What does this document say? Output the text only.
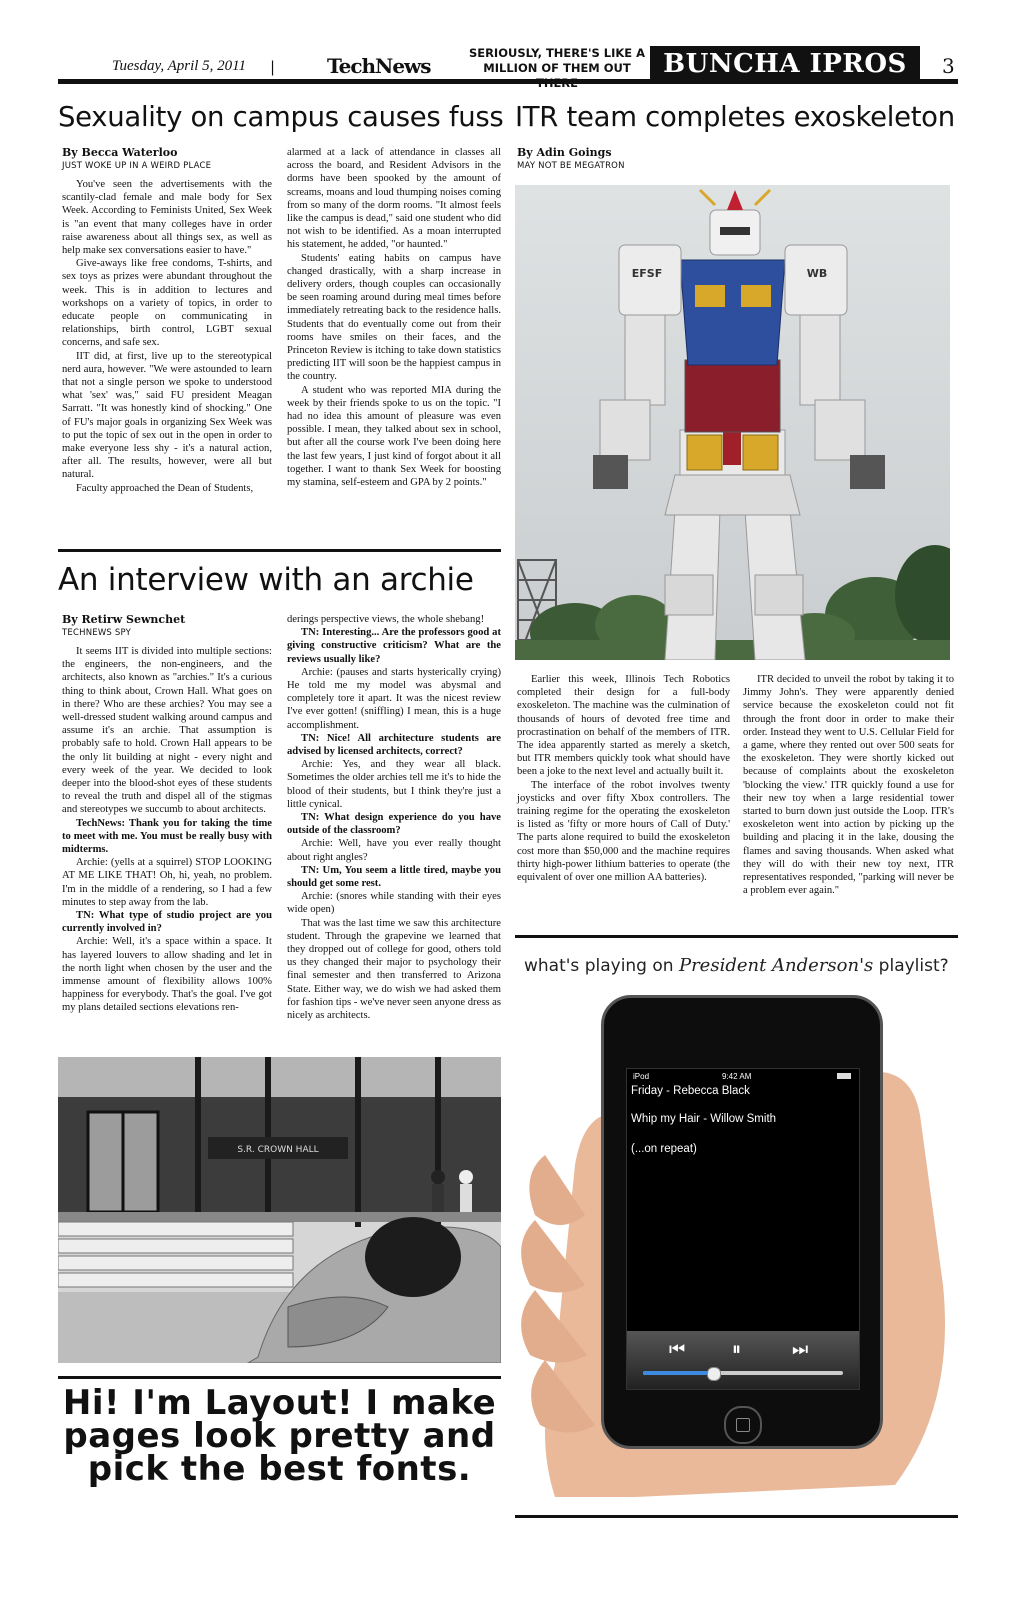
Tuesday, April 5, 2011 |	TechNews
SERIOUSLY, THERE'S LIKE A MILLION OF THEM OUT	BUNCHA IPROS	3
Sexuality on campus causes fuss
By Becca Waterloo
JUST WOKE UP IN A WEIRD PLACE

You've seen the advertisements with the scantily-clad female and male body for Sex Week. According to Feminists United, Sex Week is "an event that many colleges have in order raise awareness about all things sex, as well as help make sex conversations easier to have."

Give-aways like free condoms, T-shirts, and sex toys as prizes were abundant throughout the week. This is in addition to lectures and workshops on a variety of topics, in order to educate people on communicating in relationships, birth control, LGBT sexual concerns, and safe sex.

IIT did, at first, live up to the stereotypical nerd aura, however. "We were astounded to learn that not a single person we spoke to understood what 'sex' was," said FU president Meagan Sarratt. "It was honestly kind of shocking." One of FU's major goals in organizing Sex Week was to put the topic of sex out in the open in order to make everyone less shy - it's a natural action, after all. The results, however, were all but natural.

Faculty approached the Dean of Students,

alarmed at a lack of attendance in classes all across the board, and Resident Advisors in the dorms have been spooked by the amount of screams, moans and loud thumping noises coming from so many of the dorm rooms. "It almost feels like the campus is dead," said one student who did not wish to be identified. As a moan interrupted his statement, he added, "or haunted."

Students' eating habits on campus have changed drastically, with a sharp increase in delivery orders, though couples can occasionally be seen roaming around during meal times before immediately retreating back to the residence halls. Students that do eventually come out from their rooms have smiles on their faces, and the Princeton Review is itching to take down statistics predicting IIT will soon be the happiest campus in the country.

A student who was reported MIA during the week by their friends spoke to us on the topic. "I had no idea this amount of pleasure was even possible. I mean, they talked about sex in school, but after all the course work I've been doing here the last few years, I just kind of forgot about it all together. I want to thank Sex Week for boosting my stamina, self-esteem and GPA by 2 points."

ITR team completes exoskeleton
By Adin Goings
MAY NOT BE MEGATRON
EFSF	WB

Earlier this week, Illinois Tech Robotics completed their design for a full-body exoskeleton. The machine was the culmination of thousands of hours of devoted free time and procrastination on behalf of the members of ITR. The idea apparently started as merely a sketch, but ITR members quickly took what should have been a joke to the next level and actually built it.

The interface of the robot involves twenty joysticks and over fifty Xbox controllers. The training regime for the operating the exoskeleton is listed as 'fifty or more hours of Call of Duty.' The parts alone required to build the exoskeleton cost more than $50,000 and the machine requires thirty high-power lithium batteries to operate (the equivalent of over one million AA batteries).

ITR decided to unveil the robot by taking it to Jimmy John's. They were apparently denied service because the exoskeleton could not fit through the front door in order to make their order. Instead they went to U.S. Cellular Field for a game, where they rented out over 500 seats for the exoskeleton. They were shortly kicked out because of complaints about the exoskeleton 'blocking the view.' ITR quickly found a use for their new toy when a large residential tower started to burn down just outside the Loop. ITR's exoskeleton went into action by picking up the building and placing it in the lake, dousing the flames and saving thousands. When asked what they will do with their new toy next, ITR representatives responded, "parking will never be a problem ever again."

An interview with an archie
By Retirw Sewnchet
TECHNEWS SPY

It seems IIT is divided into multiple sections: the engineers, the non-engineers, and the architects, also known as "archies." It's a curious thing to think about, Crown Hall. What goes on in there? Who are these archies? You may see a well-dressed student walking around campus and assume it's an archie. That assumption is probably safe to hold. Crown Hall appears to be the only lit building at night - every night and every week of the year. We decided to look deeper into the blood-shot eyes of these students to reveal the truth and dispel all of the stigmas and stereotypes we succumb to about architects.

TechNews: Thank you for taking the time to meet with me. You must be really busy with midterms.

Archie: (yells at a squirrel) STOP LOOKING AT ME LIKE THAT! Oh, hi, yeah, no problem. I'm in the middle of a rendering, so I had a few minutes to step away from the lab.

TN: What type of studio project are you currently involved in?

Archie: Well, it's a space within a space. It has layered louvers to allow shading and let in the north light when chosen by the user and the immense amount of flexibility allows 100% happiness for everybody. That's the goal. I've got my plans detailed sections elevations ren-

derings perspective views, the whole shebang!

TN: Interesting... Are the professors good at giving constructive criticism? What are the reviews usually like?

Archie: (pauses and starts hysterically crying) He told me my model was abysmal and completely tore it apart. It was the nicest review I've ever gotten! (sniffling) I mean, this is a huge accomplishment.

TN: Nice! All architecture students are advised by licensed architects, correct?

Archie: Yes, and they wear all black. Sometimes the older archies tell me it's to hide the blood of their students, but I think they're just a little cynical.

TN: What design experience do you have outside of the classroom?

Archie: Well, have you ever really thought about right angles?

TN: Um, You seem a little tired, maybe you should get some rest.

Archie: (snores while standing with their eyes wide open)

That was the last time we saw this architecture student. Through the grapevine we learned that they dropped out of college for good, others told us they changed their major to psychology their final semester and then transferred to Arizona State. Either way, we do wish we had asked them for fashion tips - we've never seen anyone dress as nicely as architects.

S.R. CROWN HALL
Hi! I'm Layout! I make pages look pretty and pick the best fonts.
what's playing on President Anderson's playlist?
iPod	9:42 AM
Friday - Rebecca Black
Whip my Hair - Willow Smith
(...on repeat)
⏮	⏸	⏭
